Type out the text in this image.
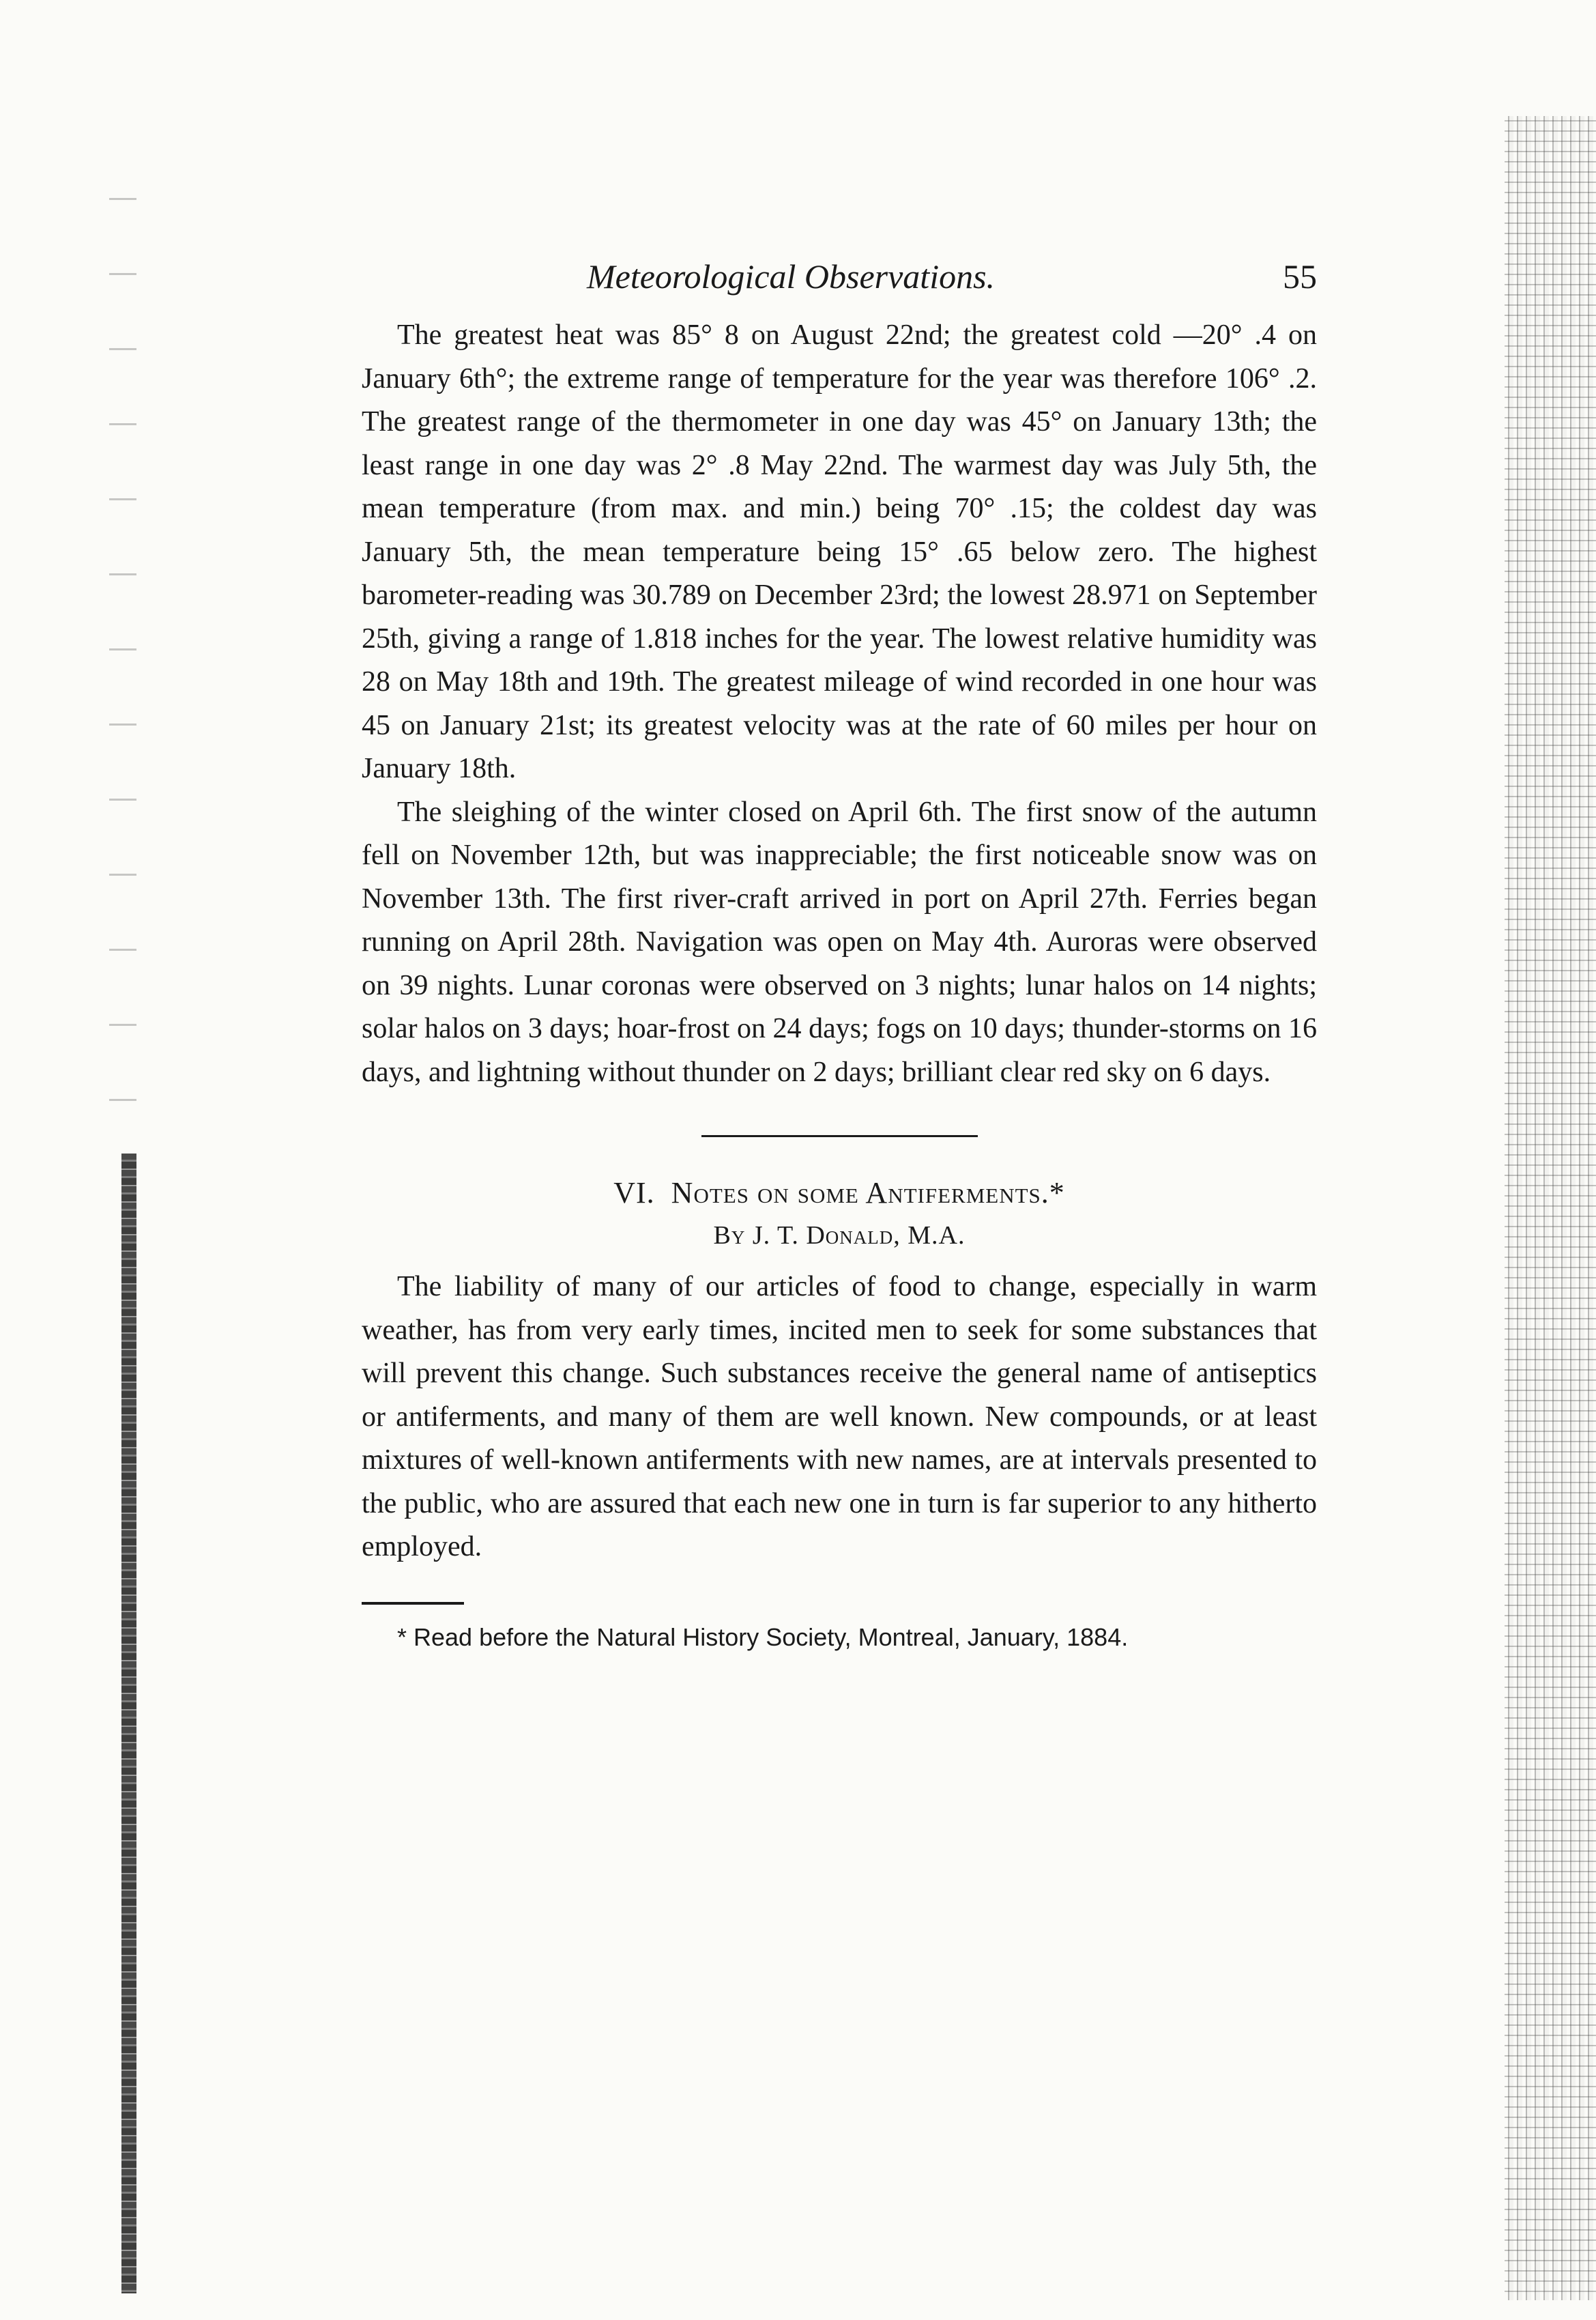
Meteorological Observations.	55

The greatest heat was 85° 8 on August 22nd; the greatest cold —20° .4 on January 6th°; the extreme range of temperature for the year was therefore 106° .2. The greatest range of the thermometer in one day was 45° on January 13th; the least range in one day was 2° .8 May 22nd. The warmest day was July 5th, the mean temperature (from max. and min.) being 70° .15; the coldest day was January 5th, the mean temperature being 15° .65 below zero. The highest barometer-reading was 30.789 on December 23rd; the lowest 28.971 on September 25th, giving a range of 1.818 inches for the year. The lowest relative humidity was 28 on May 18th and 19th. The greatest mileage of wind recorded in one hour was 45 on January 21st; its greatest velocity was at the rate of 60 miles per hour on January 18th.

The sleighing of the winter closed on April 6th. The first snow of the autumn fell on November 12th, but was inappreciable; the first noticeable snow was on November 13th. The first river-craft arrived in port on April 27th. Ferries began running on April 28th. Navigation was open on May 4th. Auroras were observed on 39 nights. Lunar coronas were observed on 3 nights; lunar halos on 14 nights; solar halos on 3 days; hoar-frost on 24 days; fogs on 10 days; thunder-storms on 16 days, and lightning without thunder on 2 days; brilliant clear red sky on 6 days.

VI. Notes on some Antiferments.*
By J. T. Donald, M.A.

The liability of many of our articles of food to change, especially in warm weather, has from very early times, incited men to seek for some substances that will prevent this change. Such substances receive the general name of antiseptics or antiferments, and many of them are well known. New compounds, or at least mixtures of well-known antiferments with new names, are at intervals presented to the public, who are assured that each new one in turn is far superior to any hitherto employed.

* Read before the Natural History Society, Montreal, January, 1884.
